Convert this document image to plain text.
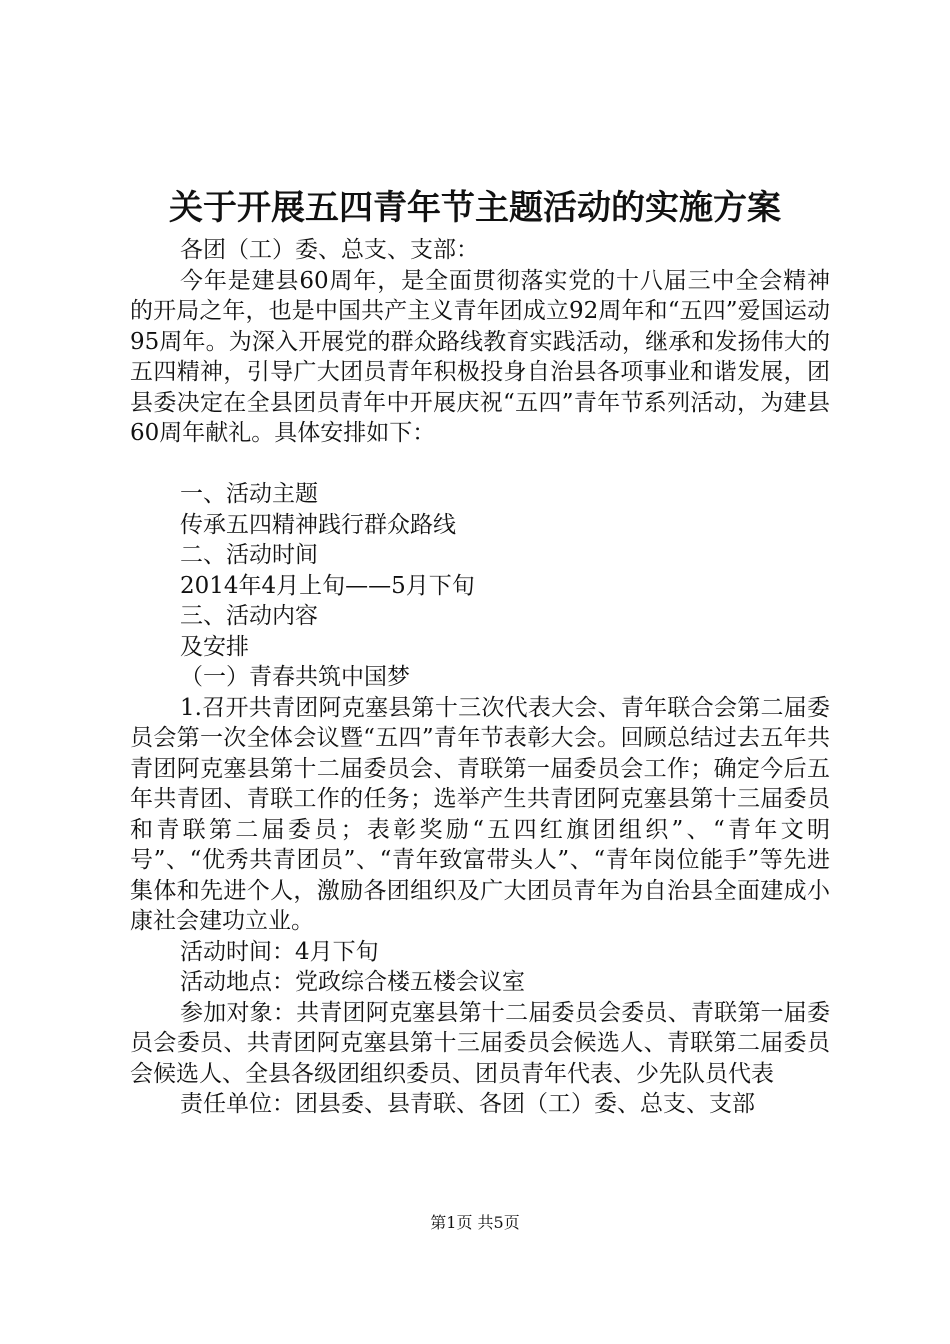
关于开展五四青年节主题活动的实施方案

各团（工）委、总支、支部：

今年是建县60周年，是全面贯彻落实党的十八届三中全会精神的开局之年，也是中国共产主义青年团成立92周年和“五四”爱国运动95周年。为深入开展党的群众路线教育实践活动，继承和发扬伟大的五四精神，引导广大团员青年积极投身自治县各项事业和谐发展，团县委决定在全县团员青年中开展庆祝“五四”青年节系列活动，为建县60周年献礼。具体安排如下：

一、活动主题

传承五四精神践行群众路线

二、活动时间

2014年4月上旬——5月下旬

三、活动内容

及安排

（一）青春共筑中国梦

1.召开共青团阿克塞县第十三次代表大会、青年联合会第二届委员会第一次全体会议暨“五四”青年节表彰大会。回顾总结过去五年共青团阿克塞县第十二届委员会、青联第一届委员会工作；确定今后五年共青团、青联工作的任务；选举产生共青团阿克塞县第十三届委员和青联第二届委员；表彰奖励“五四红旗团组织”、“青年文明号”、“优秀共青团员”、“青年致富带头人”、“青年岗位能手”等先进集体和先进个人，激励各团组织及广大团员青年为自治县全面建成小康社会建功立业。

活动时间：4月下旬

活动地点：党政综合楼五楼会议室

参加对象：共青团阿克塞县第十二届委员会委员、青联第一届委员会委员、共青团阿克塞县第十三届委员会候选人、青联第二届委员会候选人、全县各级团组织委员、团员青年代表、少先队员代表

责任单位：团县委、县青联、各团（工）委、总支、支部

第1页 共5页
